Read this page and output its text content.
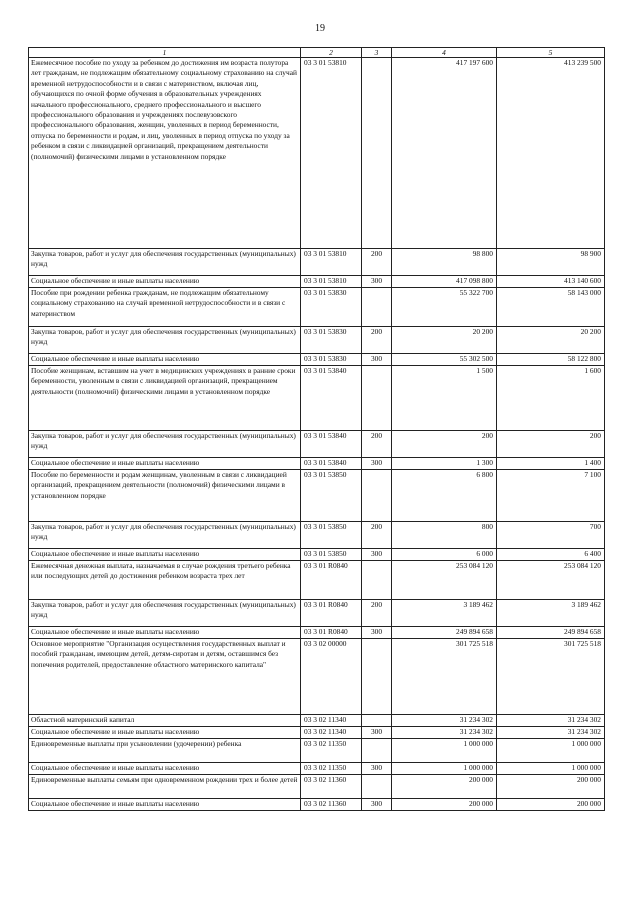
19
1	2	3	4	5
Ежемесячное пособие по уходу за ребенком до достижения им возраста полутора лет гражданам, не подлежащим обязательному социальному страхованию на случай временной нетрудоспособности и в связи с материнством, включая лиц, обучающихся по очной форме обучения в образовательных учреждениях начального профессионального, среднего профессионального и высшего профессионального образования и учреждениях послевузовского профессионального образования, женщин, уволенных в период беременности, отпуска по беременности и родам, и лиц, уволенных в период отпуска по уходу за ребенком в связи с ликвидацией организаций, прекращением деятельности (полномочий) физическими лицами в установленном порядке	03 3 01 53810		417 197 600	413 239 500
Закупка товаров, работ и услуг для обеспечения государственных (муниципальных) нужд	03 3 01 53810	200	98 800	98 900
Социальное обеспечение и иные выплаты населению	03 3 01 53810	300	417 098 800	413 140 600
Пособие при рождении ребенка гражданам, не подлежащим обязательному социальному страхованию на случай временной нетрудоспособности и в связи с материнством	03 3 01 53830		55 322 700	58 143 000
Закупка товаров, работ и услуг для обеспечения государственных (муниципальных) нужд	03 3 01 53830	200	20 200	20 200
Социальное обеспечение и иные выплаты населению	03 3 01 53830	300	55 302 500	58 122 800
Пособие женщинам, вставшим на учет в медицинских учреждениях в ранние сроки беременности, уволенным в связи с ликвидацией организаций, прекращением деятельности (полномочий) физическими лицами в установленном порядке	03 3 01 53840		1 500	1 600
Закупка товаров, работ и услуг для обеспечения государственных (муниципальных) нужд	03 3 01 53840	200	200	200
Социальное обеспечение и иные выплаты населению	03 3 01 53840	300	1 300	1 400
Пособие по беременности и родам женщинам, уволенным в связи с ликвидацией организаций, прекращением деятельности (полномочий) физическими лицами в установленном порядке	03 3 01 53850		6 800	7 100
Закупка товаров, работ и услуг для обеспечения государственных (муниципальных) нужд	03 3 01 53850	200	800	700
Социальное обеспечение и иные выплаты населению	03 3 01 53850	300	6 000	6 400
Ежемесячная денежная выплата, назначаемая в случае рождения третьего ребенка или последующих детей до достижения ребенком возраста трех лет	03 3 01 R0840		253 084 120	253 084 120
Закупка товаров, работ и услуг для обеспечения государственных (муниципальных) нужд	03 3 01 R0840	200	3 189 462	3 189 462
Социальное обеспечение и иные выплаты населению	03 3 01 R0840	300	249 894 658	249 894 658
Основное мероприятие "Организация осуществления государственных выплат и пособий гражданам, имеющим детей, детям-сиротам и детям, оставшимся без попечения родителей, предоставление областного материнского капитала"	03 3 02 00000		301 725 518	301 725 518
Областной материнский капитал	03 3 02 11340		31 234 302	31 234 302
Социальное обеспечение и иные выплаты населению	03 3 02 11340	300	31 234 302	31 234 302
Единовременные выплаты при усыновлении (удочерении) ребенка	03 3 02 11350		1 000 000	1 000 000
Социальное обеспечение и иные выплаты населению	03 3 02 11350	300	1 000 000	1 000 000
Единовременные выплаты семьям при одновременном рождении трех и более детей	03 3 02 11360		200 000	200 000
Социальное обеспечение и иные выплаты населению	03 3 02 11360	300	200 000	200 000
